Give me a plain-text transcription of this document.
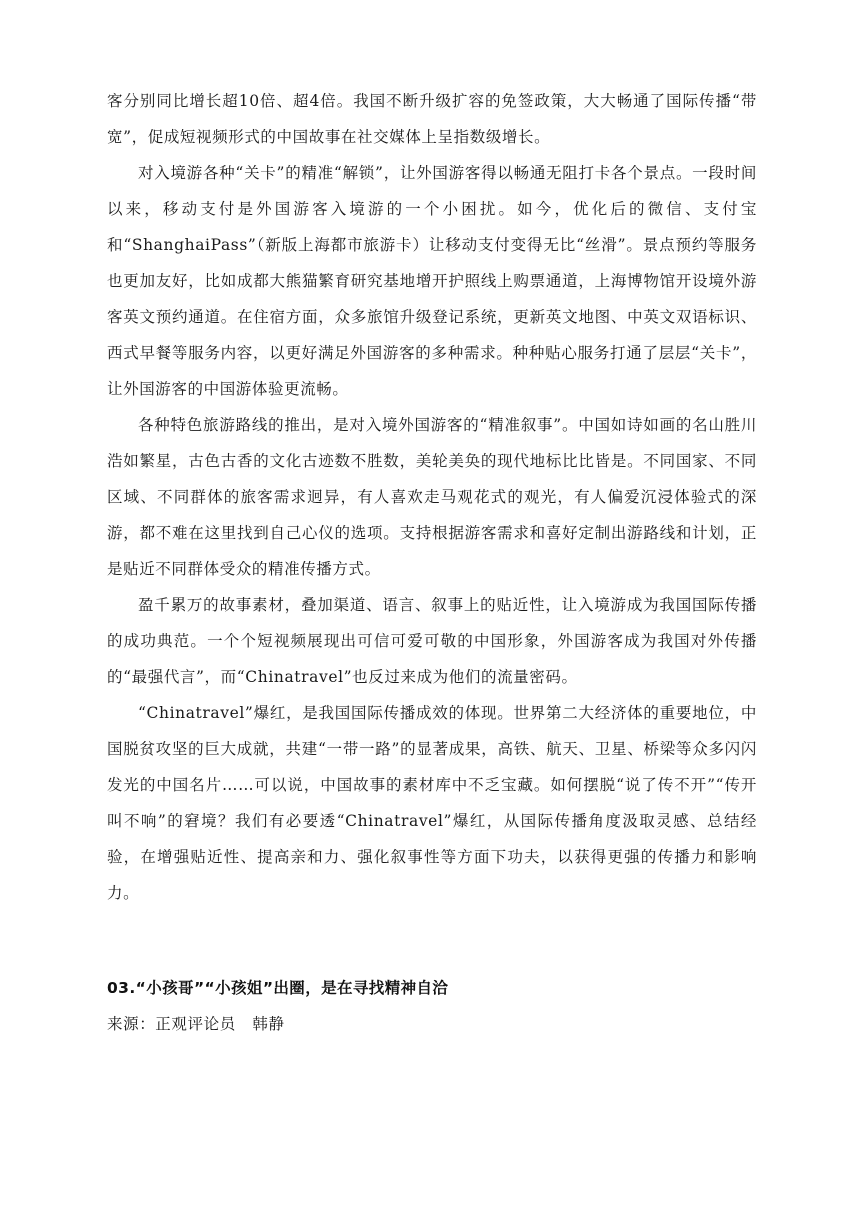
客分别同比增长超10倍、超4倍。我国不断升级扩容的免签政策，大大畅通了国际传播“带宽”，促成短视频形式的中国故事在社交媒体上呈指数级增长。

对入境游各种“关卡”的精准“解锁”，让外国游客得以畅通无阻打卡各个景点。一段时间以来，移动支付是外国游客入境游的一个小困扰。如今，优化后的微信、支付宝和“ShanghaiPass”（新版上海都市旅游卡）让移动支付变得无比“丝滑”。景点预约等服务也更加友好，比如成都大熊猫繁育研究基地增开护照线上购票通道，上海博物馆开设境外游客英文预约通道。在住宿方面，众多旅馆升级登记系统，更新英文地图、中英文双语标识、西式早餐等服务内容，以更好满足外国游客的多种需求。种种贴心服务打通了层层“关卡”，让外国游客的中国游体验更流畅。

各种特色旅游路线的推出，是对入境外国游客的“精准叙事”。中国如诗如画的名山胜川浩如繁星，古色古香的文化古迹数不胜数，美轮美奂的现代地标比比皆是。不同国家、不同区域、不同群体的旅客需求迥异，有人喜欢走马观花式的观光，有人偏爱沉浸体验式的深游，都不难在这里找到自己心仪的选项。支持根据游客需求和喜好定制出游路线和计划，正是贴近不同群体受众的精准传播方式。

盈千累万的故事素材，叠加渠道、语言、叙事上的贴近性，让入境游成为我国国际传播的成功典范。一个个短视频展现出可信可爱可敬的中国形象，外国游客成为我国对外传播的“最强代言”，而“Chinatravel”也反过来成为他们的流量密码。

“Chinatravel”爆红，是我国国际传播成效的体现。世界第二大经济体的重要地位，中国脱贫攻坚的巨大成就，共建“一带一路”的显著成果，高铁、航天、卫星、桥梁等众多闪闪发光的中国名片……可以说，中国故事的素材库中不乏宝藏。如何摆脱“说了传不开”“传开叫不响”的窘境？我们有必要透“Chinatravel”爆红，从国际传播角度汲取灵感、总结经验，在增强贴近性、提高亲和力、强化叙事性等方面下功夫，以获得更强的传播力和影响力。

03.“小孩哥”“小孩姐”出圈，是在寻找精神自洽

来源：正观评论员   韩静
